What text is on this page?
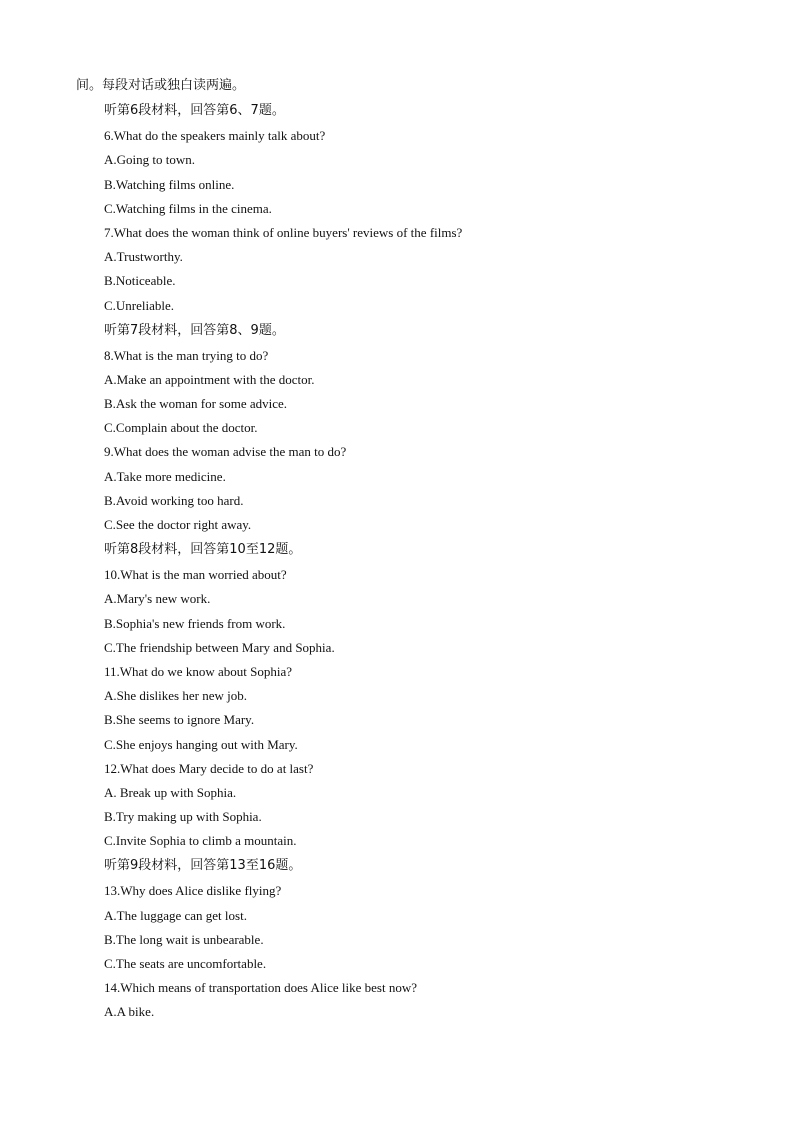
间。每段对话或独白读两遍。
听第6段材料，回答第6、7题。
6.What do the speakers mainly talk about?
A.Going to town.
B.Watching films online.
C.Watching films in the cinema.
7.What does the woman think of online buyers' reviews of the films?
A.Trustworthy.
B.Noticeable.
C.Unreliable.
听第7段材料，回答第8、9题。
8.What is the man trying to do?
A.Make an appointment with the doctor.
B.Ask the woman for some advice.
C.Complain about the doctor.
9.What does the woman advise the man to do?
A.Take more medicine.
B.Avoid working too hard.
C.See the doctor right away.
听第8段材料，回答第10至12题。
10.What is the man worried about?
A.Mary's new work.
B.Sophia's new friends from work.
C.The friendship between Mary and Sophia.
11.What do we know about Sophia?
A.She dislikes her new job.
B.She seems to ignore Mary.
C.She enjoys hanging out with Mary.
12.What does Mary decide to do at last?
A. Break up with Sophia.
B.Try making up with Sophia.
C.Invite Sophia to climb a mountain.
听第9段材料，回答第13至16题。
13.Why does Alice dislike flying?
A.The luggage can get lost.
B.The long wait is unbearable.
C.The seats are uncomfortable.
14.Which means of transportation does Alice like best now?
A.A bike.
